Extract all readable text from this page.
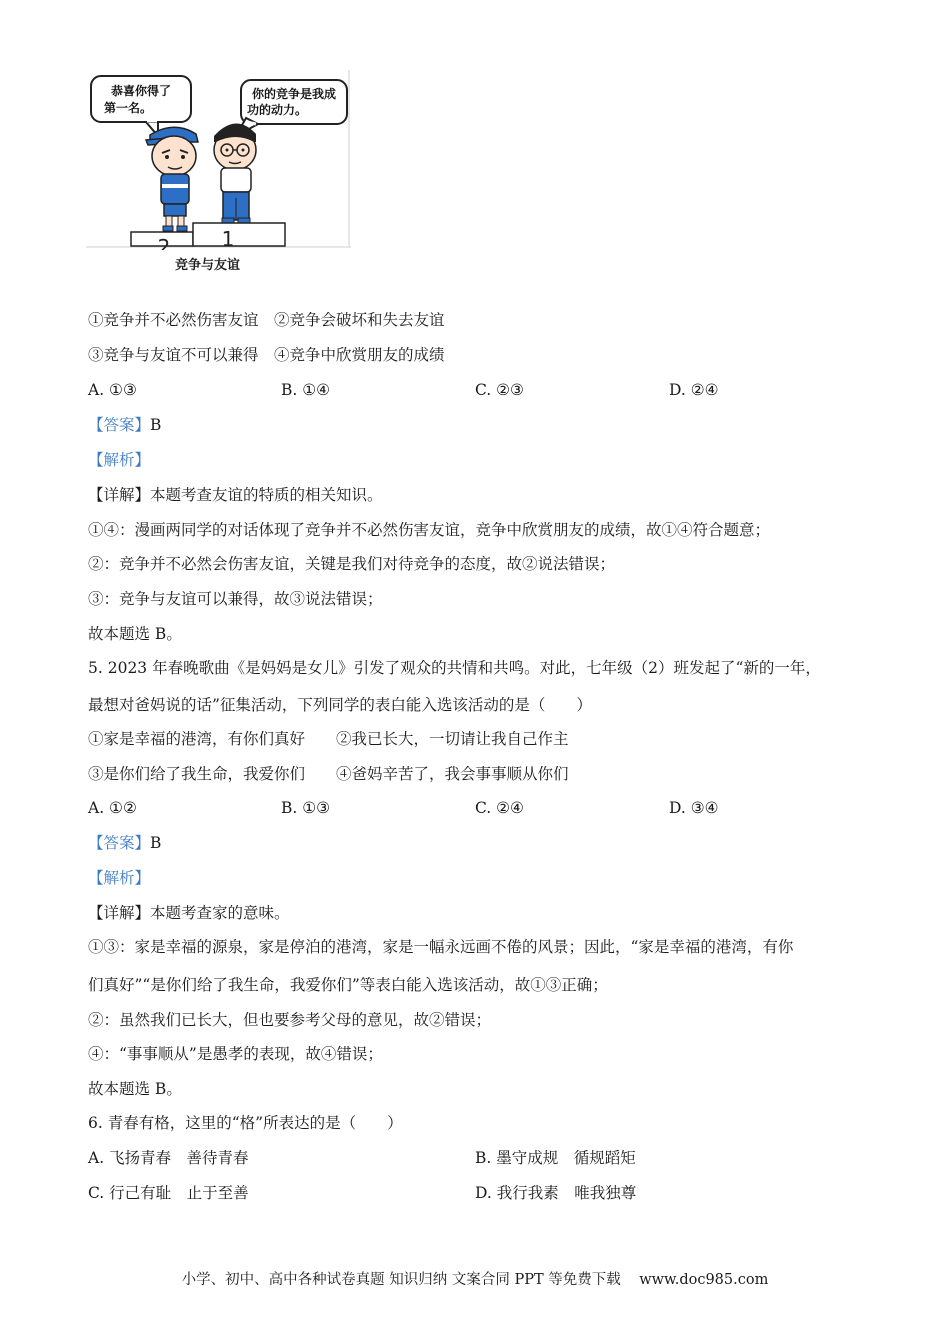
恭喜你得了
第一名。
你的竞争是我成
功的动力。
2	1
竞争与友谊
①竞争并不必然伤害友谊　②竞争会破坏和失去友谊
③竞争与友谊不可以兼得　④竞争中欣赏朋友的成绩
A. ①③	B. ①④	C. ②③	D. ②④
【答案】B
【解析】
【详解】本题考查友谊的特质的相关知识。
①④：漫画两同学的对话体现了竞争并不必然伤害友谊，竞争中欣赏朋友的成绩，故①④符合题意；
②：竞争并不必然会伤害友谊，关键是我们对待竞争的态度，故②说法错误；
③：竞争与友谊可以兼得，故③说法错误；
故本题选 B。
5. 2023 年春晚歌曲《是妈妈是女儿》引发了观众的共情和共鸣。对此，七年级（2）班发起了“新的一年，
最想对爸妈说的话”征集活动，下列同学的表白能入选该活动的是（　　）
①家是幸福的港湾，有你们真好　　②我已长大，一切请让我自己作主
③是你们给了我生命，我爱你们　　④爸妈辛苦了，我会事事顺从你们
A. ①②	B. ①③	C. ②④	D. ③④
【答案】B
【解析】
【详解】本题考查家的意味。
①③：家是幸福的源泉，家是停泊的港湾，家是一幅永远画不倦的风景；因此，“家是幸福的港湾，有你
们真好”“是你们给了我生命，我爱你们”等表白能入选该活动，故①③正确；
②：虽然我们已长大，但也要参考父母的意见，故②错误；
④：“事事顺从”是愚孝的表现，故④错误；
故本题选 B。
6. 青春有格，这里的“格”所表达的是（　　）
A. 飞扬青春　善待青春	B. 墨守成规　循规蹈矩
C. 行己有耻　止于至善	D. 我行我素　唯我独尊
小学、初中、高中各种试卷真题 知识归纳 文案合同 PPT 等免费下载 www.doc985.com
